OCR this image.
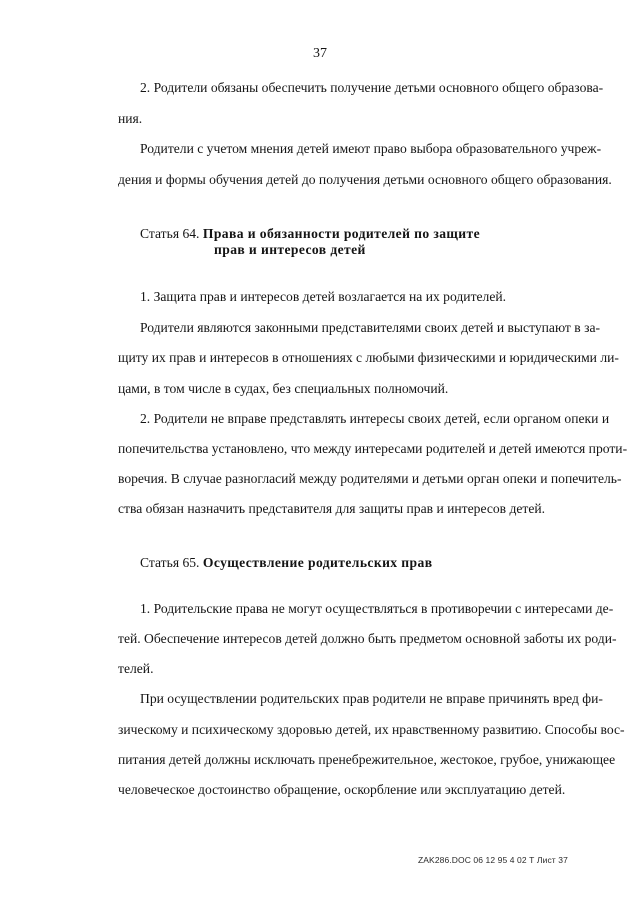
37
2. Родители обязаны обеспечить получение детьми основного общего образова-
ния.
Родители с учетом мнения детей имеют право выбора образовательного учреж-
дения и формы обучения детей до получения детьми основного общего образования.
Статья 64. Права и обязанности родителей по защите
прав и интересов детей
1. Защита прав и интересов детей возлагается на их родителей.
Родители являются законными представителями своих детей и выступают в за-
щиту их прав и интересов в отношениях с любыми физическими и юридическими ли-
цами, в том числе в судах, без специальных полномочий.
2. Родители не вправе представлять интересы своих детей, если органом опеки и
попечительства установлено, что между интересами родителей и детей имеются проти-
воречия. В случае разногласий между родителями и детьми орган опеки и попечитель-
ства обязан назначить представителя для защиты прав и интересов детей.
Статья 65. Осуществление родительских прав
1. Родительские права не могут осуществляться в противоречии с интересами де-
тей. Обеспечение интересов детей должно быть предметом основной заботы их роди-
телей.
При осуществлении родительских прав родители не вправе причинять вред фи-
зическому и психическому здоровью детей, их нравственному развитию. Способы вос-
питания детей должны исключать пренебрежительное, жестокое, грубое, унижающее
человеческое достоинство обращение, оскорбление или эксплуатацию детей.
ZAK286.DOC 06 12 95 4 02 Т Лист 37
